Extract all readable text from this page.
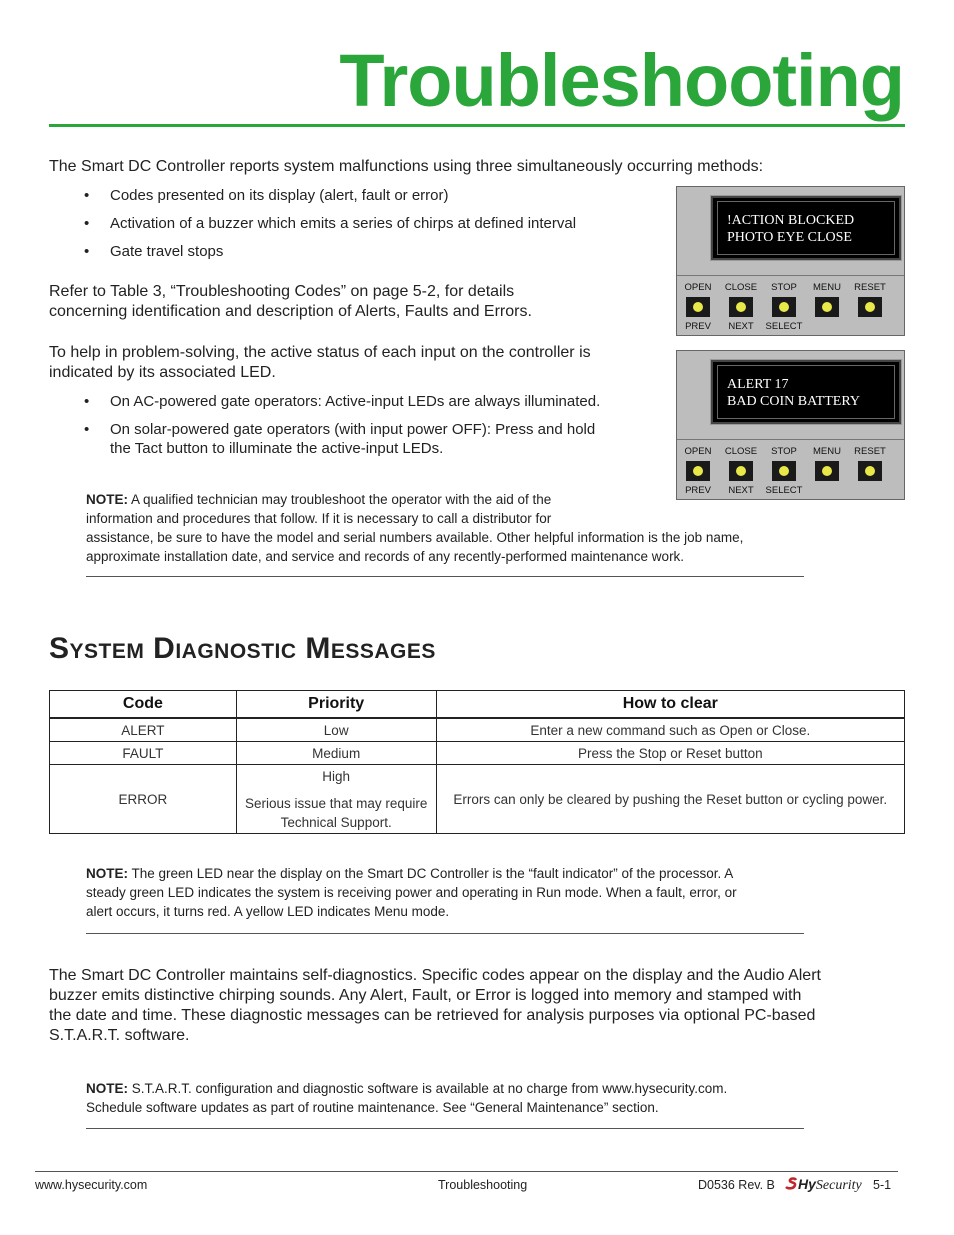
Troubleshooting
The Smart DC Controller reports system malfunctions using three simultaneously occurring methods:
• Codes presented on its display (alert, fault or error)
• Activation of a buzzer which emits a series of chirps at defined interval
• Gate travel stops
Refer to Table 3, “Troubleshooting Codes” on page 5-2, for details
concerning identification and description of Alerts, Faults and Errors.
To help in problem-solving, the active status of each input on the controller is
indicated by its associated LED.
• On AC-powered gate operators: Active-input LEDs are always illuminated.
• On solar-powered gate operators (with input power OFF): Press and hold
the Tact button to illuminate the active-input LEDs.
NOTE: A qualified technician may troubleshoot the operator with the aid of the
information and procedures that follow. If it is necessary to call a distributor for
assistance, be sure to have the model and serial numbers available. Other helpful information is the job name,
approximate installation date, and service and records of any recently-performed maintenance work.
!ACTION BLOCKED
PHOTO EYE CLOSE
OPEN	CLOSE	STOP	MENU	RESET
PREV	NEXT	SELECT
ALERT 17
BAD COIN BATTERY
OPEN	CLOSE	STOP	MENU	RESET
PREV	NEXT	SELECT
System Diagnostic Messages
Code	Priority	How to clear
ALERT	Low	Enter a new command such as Open or Close.
FAULT	Medium	Press the Stop or Reset button
ERROR	High
Serious issue that may require
Technical Support.	Errors can only be cleared by pushing the Reset button or cycling power.
NOTE: The green LED near the display on the Smart DC Controller is the “fault indicator” of the processor. A
steady green LED indicates the system is receiving power and operating in Run mode. When a fault, error, or
alert occurs, it turns red. A yellow LED indicates Menu mode.
The Smart DC Controller maintains self-diagnostics. Specific codes appear on the display and the Audio Alert
buzzer emits distinctive chirping sounds. Any Alert, Fault, or Error is logged into memory and stamped with
the date and time. These diagnostic messages can be retrieved for analysis purposes via optional PC-based
S.T.A.R.T. software.
NOTE: S.T.A.R.T. configuration and diagnostic software is available at no charge from www.hysecurity.com.
Schedule software updates as part of routine maintenance. See “General Maintenance” section.
www.hysecurity.com	Troubleshooting	D0536 Rev. B	HySecurity 5-1
